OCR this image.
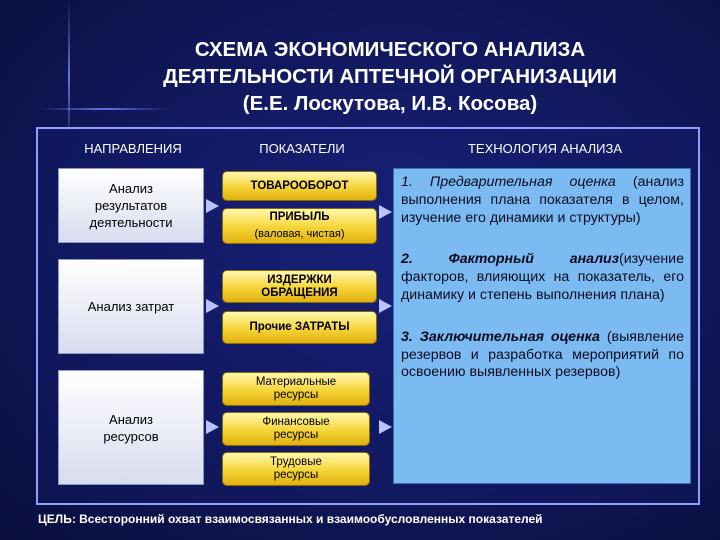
СХЕМА ЭКОНОМИЧЕСКОГО АНАЛИЗА
ДЕЯТЕЛЬНОСТИ АПТЕЧНОЙ ОРГАНИЗАЦИИ
(Е.Е. Лоскутова, И.В. Косова)
НАПРАВЛЕНИЯ	ПОКАЗАТЕЛИ	ТЕХНОЛОГИЯ АНАЛИЗА
Анализ
результатов
деятельности
Анализ затрат
Анализ
ресурсов
ТОВАРООБОРОТ
ПРИБЫЛЬ
(валовая, чистая)
ИЗДЕРЖКИ
ОБРАЩЕНИЯ
Прочие ЗАТРАТЫ
Материальные
ресурсы
Финансовые
ресурсы
Трудовые
ресурсы
1. Предварительная оценка (анализ выполнения плана показателя в целом, изучение его динамики и структуры)
2. Факторный анализ(изучение факторов, влияющих на показатель, его динамику и степень выполнения плана)
3. Заключительная оценка (выявление резервов и разработка мероприятий по освоению выявленных резервов)
ЦЕЛЬ: Всесторонний охват взаимосвязанных и взаимообусловленных показателей
